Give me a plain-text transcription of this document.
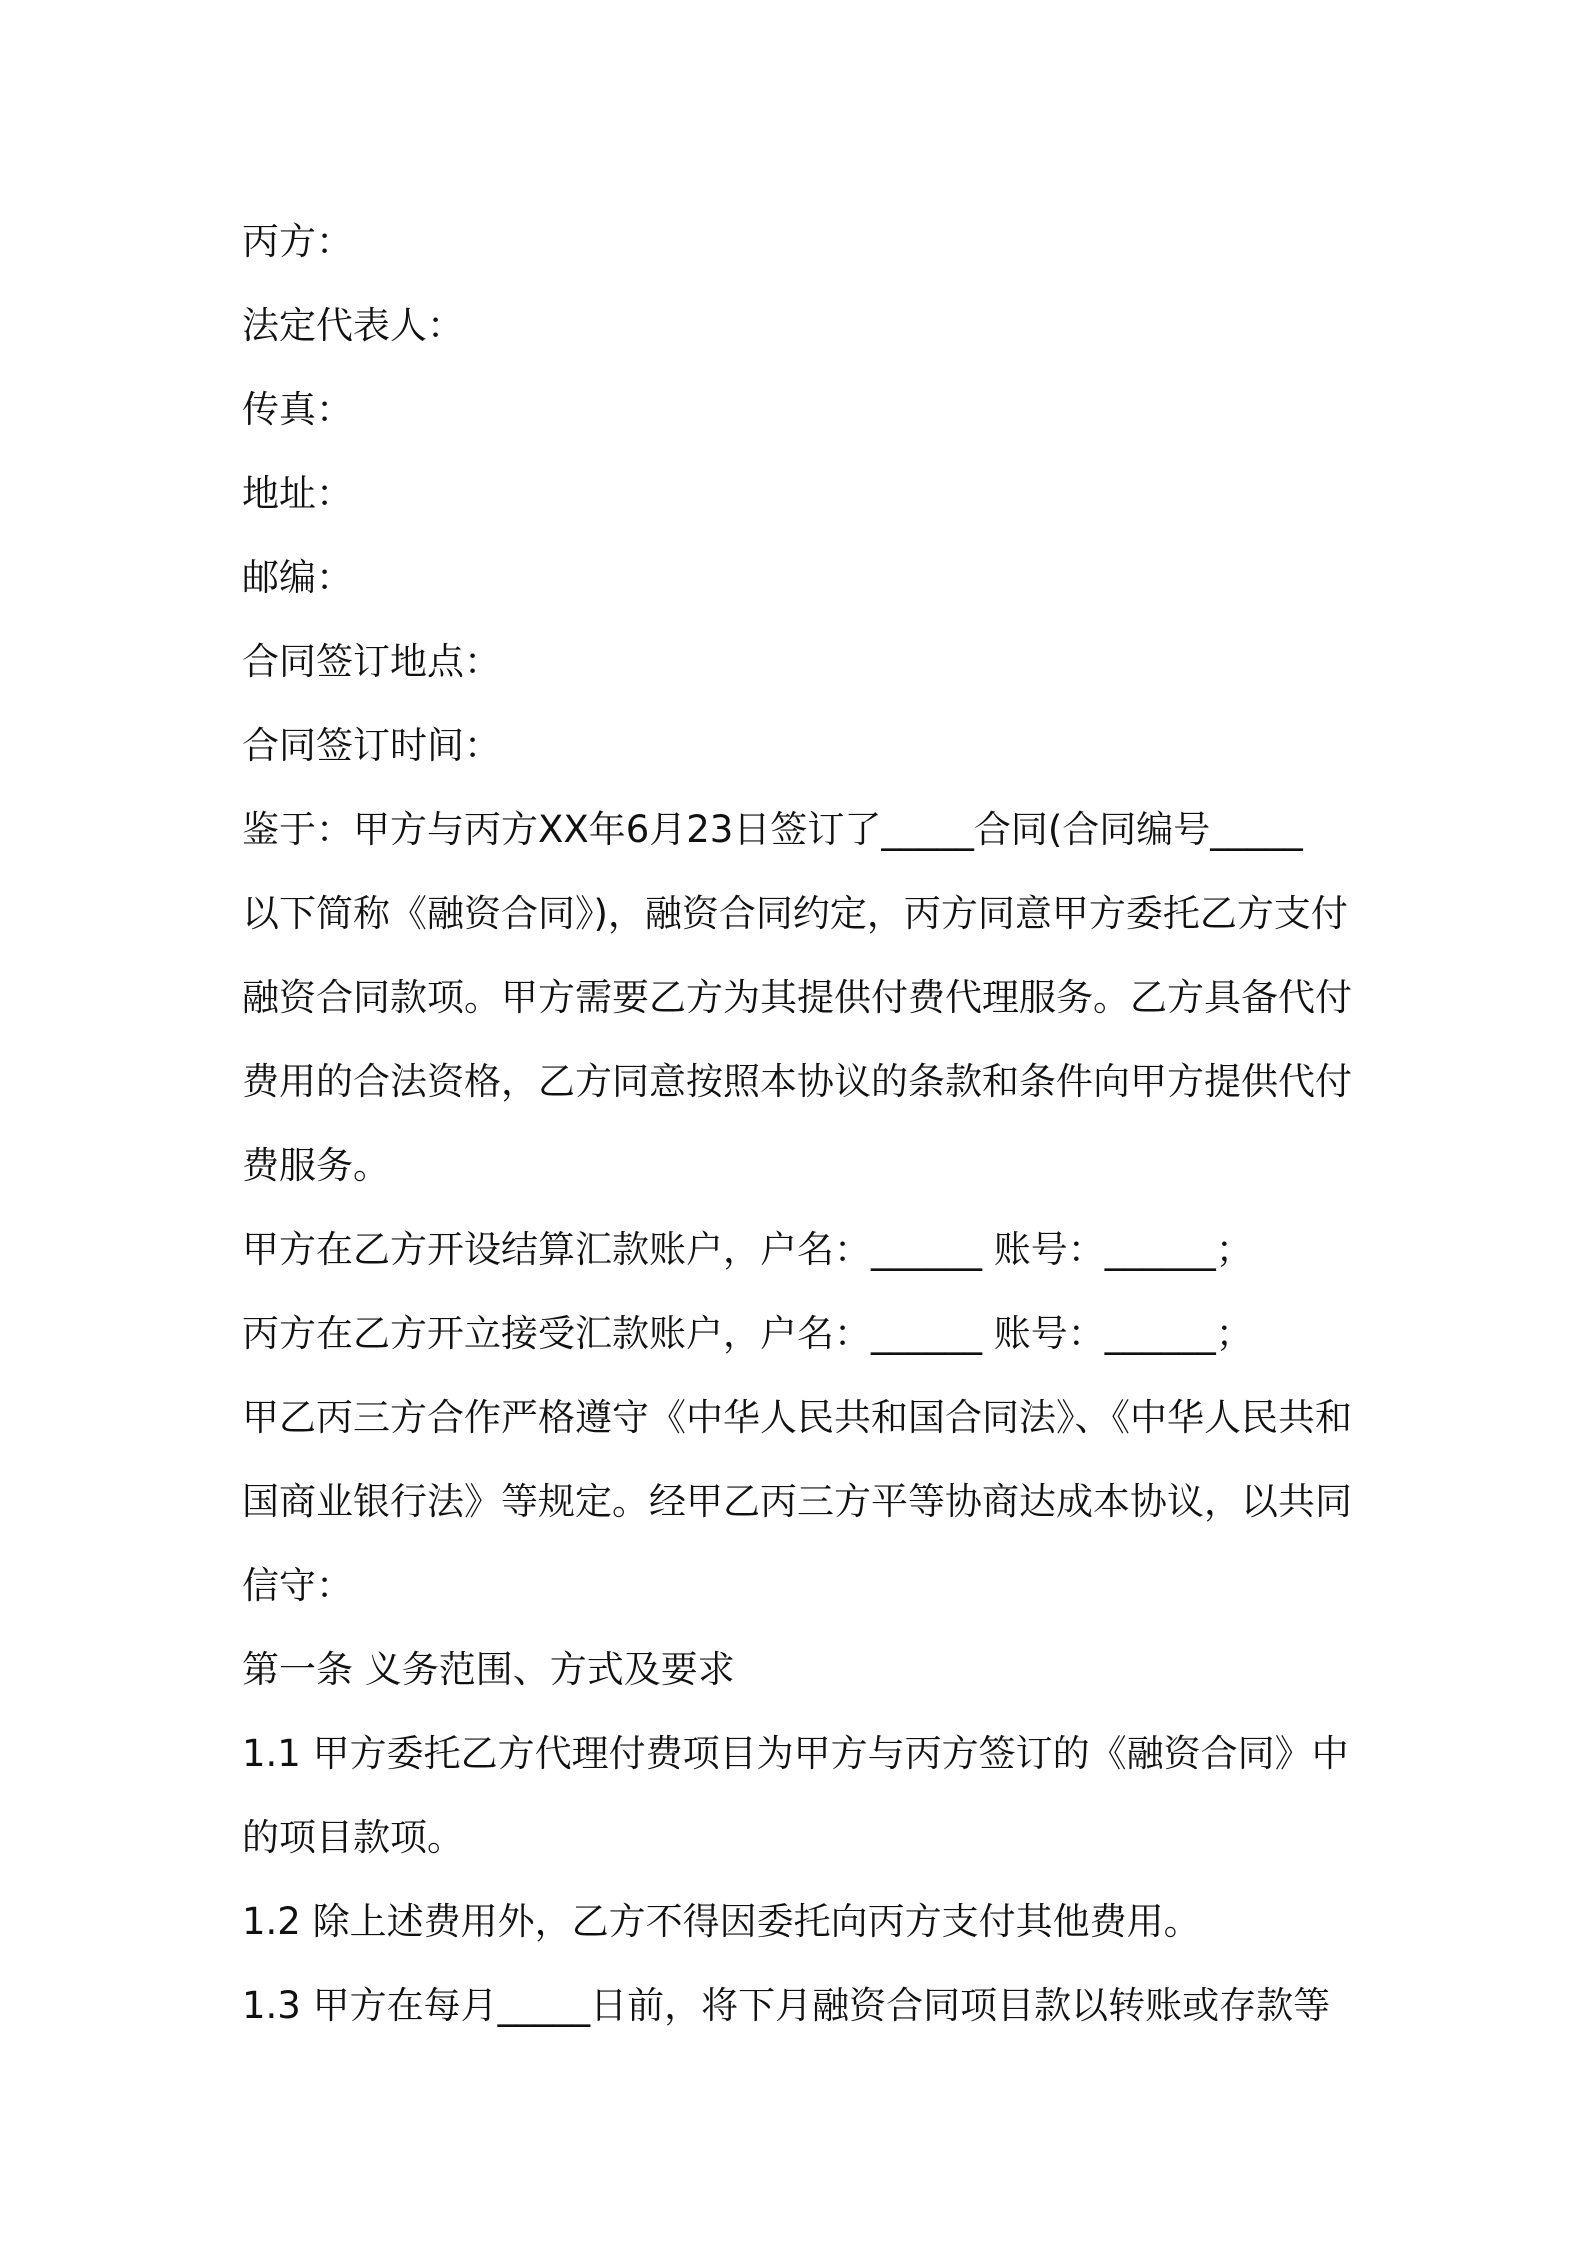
丙方：
法定代表人：
传真：
地址：
邮编：
合同签订地点：
合同签订时间：
鉴于：甲方与丙方XX年6月23日签订了_____合同(合同编号_____
以下简称《融资合同》)，融资合同约定，丙方同意甲方委托乙方支付
融资合同款项。甲方需要乙方为其提供付费代理服务。乙方具备代付
费用的合法资格，乙方同意按照本协议的条款和条件向甲方提供代付
费服务。
甲方在乙方开设结算汇款账户，户名：______ 账号：______；
丙方在乙方开立接受汇款账户，户名：______ 账号：______；
甲乙丙三方合作严格遵守《中华人民共和国合同法》、《中华人民共和
国商业银行法》等规定。经甲乙丙三方平等协商达成本协议，以共同
信守：
第一条 义务范围、方式及要求
1.1 甲方委托乙方代理付费项目为甲方与丙方签订的《融资合同》中
的项目款项。
1.2 除上述费用外，乙方不得因委托向丙方支付其他费用。
1.3 甲方在每月_____日前，将下月融资合同项目款以转账或存款等
